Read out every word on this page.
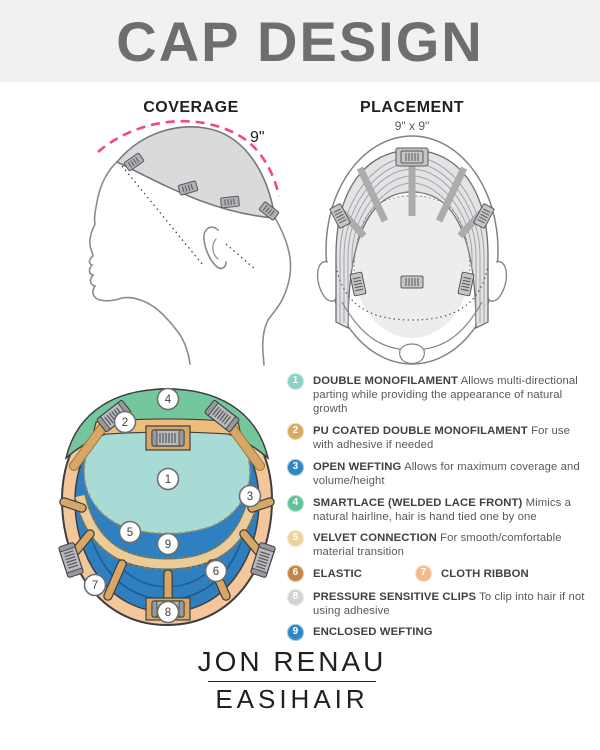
CAP DESIGN
COVERAGE	PLACEMENT
9"
9" x 9"
1
2
3
4
5
6
7
8
9
1	DOUBLE MONOFILAMENT Allows multi-directional parting while providing the appearance of natural growth
2	PU COATED DOUBLE MONOFILAMENT For use with adhesive if needed
3	OPEN WEFTING Allows for maximum coverage and volume/height
4	SMARTLACE (WELDED LACE FRONT) Mimics a natural hairline, hair is hand tied one by one
5	VELVET CONNECTION For smooth/comfortable material transition
6	ELASTIC	7	CLOTH RIBBON
8	PRESSURE SENSITIVE CLIPS To clip into hair if not using adhesive
9	ENCLOSED WEFTING
JON RENAU
EASIHAIR
